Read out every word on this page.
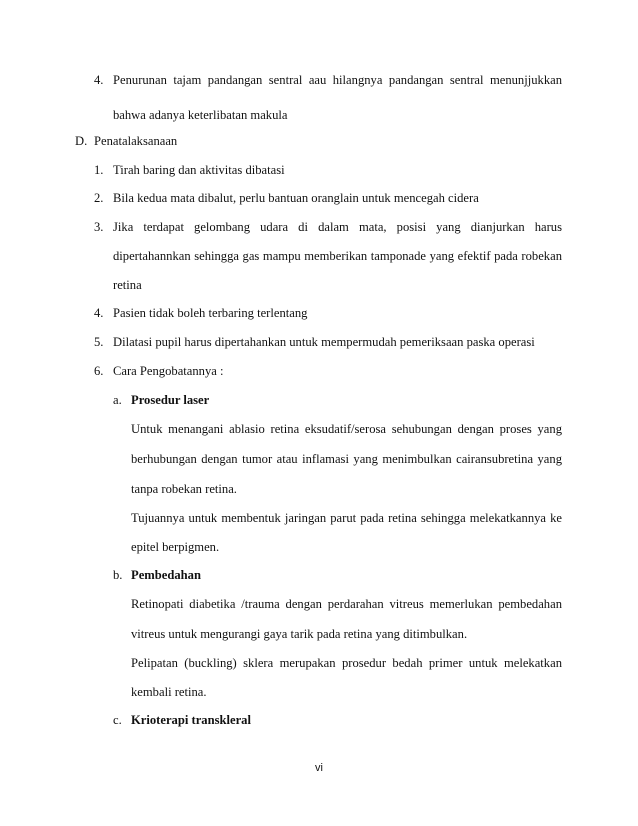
4. Penurunan tajam pandangan sentral aau hilangnya pandangan sentral menunjjukkan
bahwa adanya keterlibatan makula
D. Penatalaksanaan
1. Tirah baring dan aktivitas dibatasi
2. Bila kedua mata dibalut, perlu bantuan oranglain untuk mencegah cidera
3. Jika terdapat gelombang udara di dalam mata, posisi yang dianjurkan harus
dipertahannkan sehingga gas mampu memberikan tamponade yang efektif pada robekan
retina
4. Pasien tidak boleh terbaring terlentang
5. Dilatasi pupil harus dipertahankan untuk mempermudah pemeriksaan paska operasi
6. Cara Pengobatannya :
a. Prosedur laser
Untuk menangani ablasio retina eksudatif/serosa sehubungan dengan proses yang
berhubungan dengan tumor atau inflamasi yang menimbulkan cairansubretina yang
tanpa robekan retina.
Tujuannya untuk membentuk jaringan parut pada retina sehingga melekatkannya ke
epitel berpigmen.
b. Pembedahan
Retinopati diabetika /trauma dengan perdarahan vitreus memerlukan pembedahan
vitreus untuk mengurangi gaya tarik pada retina yang ditimbulkan.
Pelipatan (buckling) sklera merupakan prosedur bedah primer untuk melekatkan
kembali retina.
c. Krioterapi transkleral
vi
